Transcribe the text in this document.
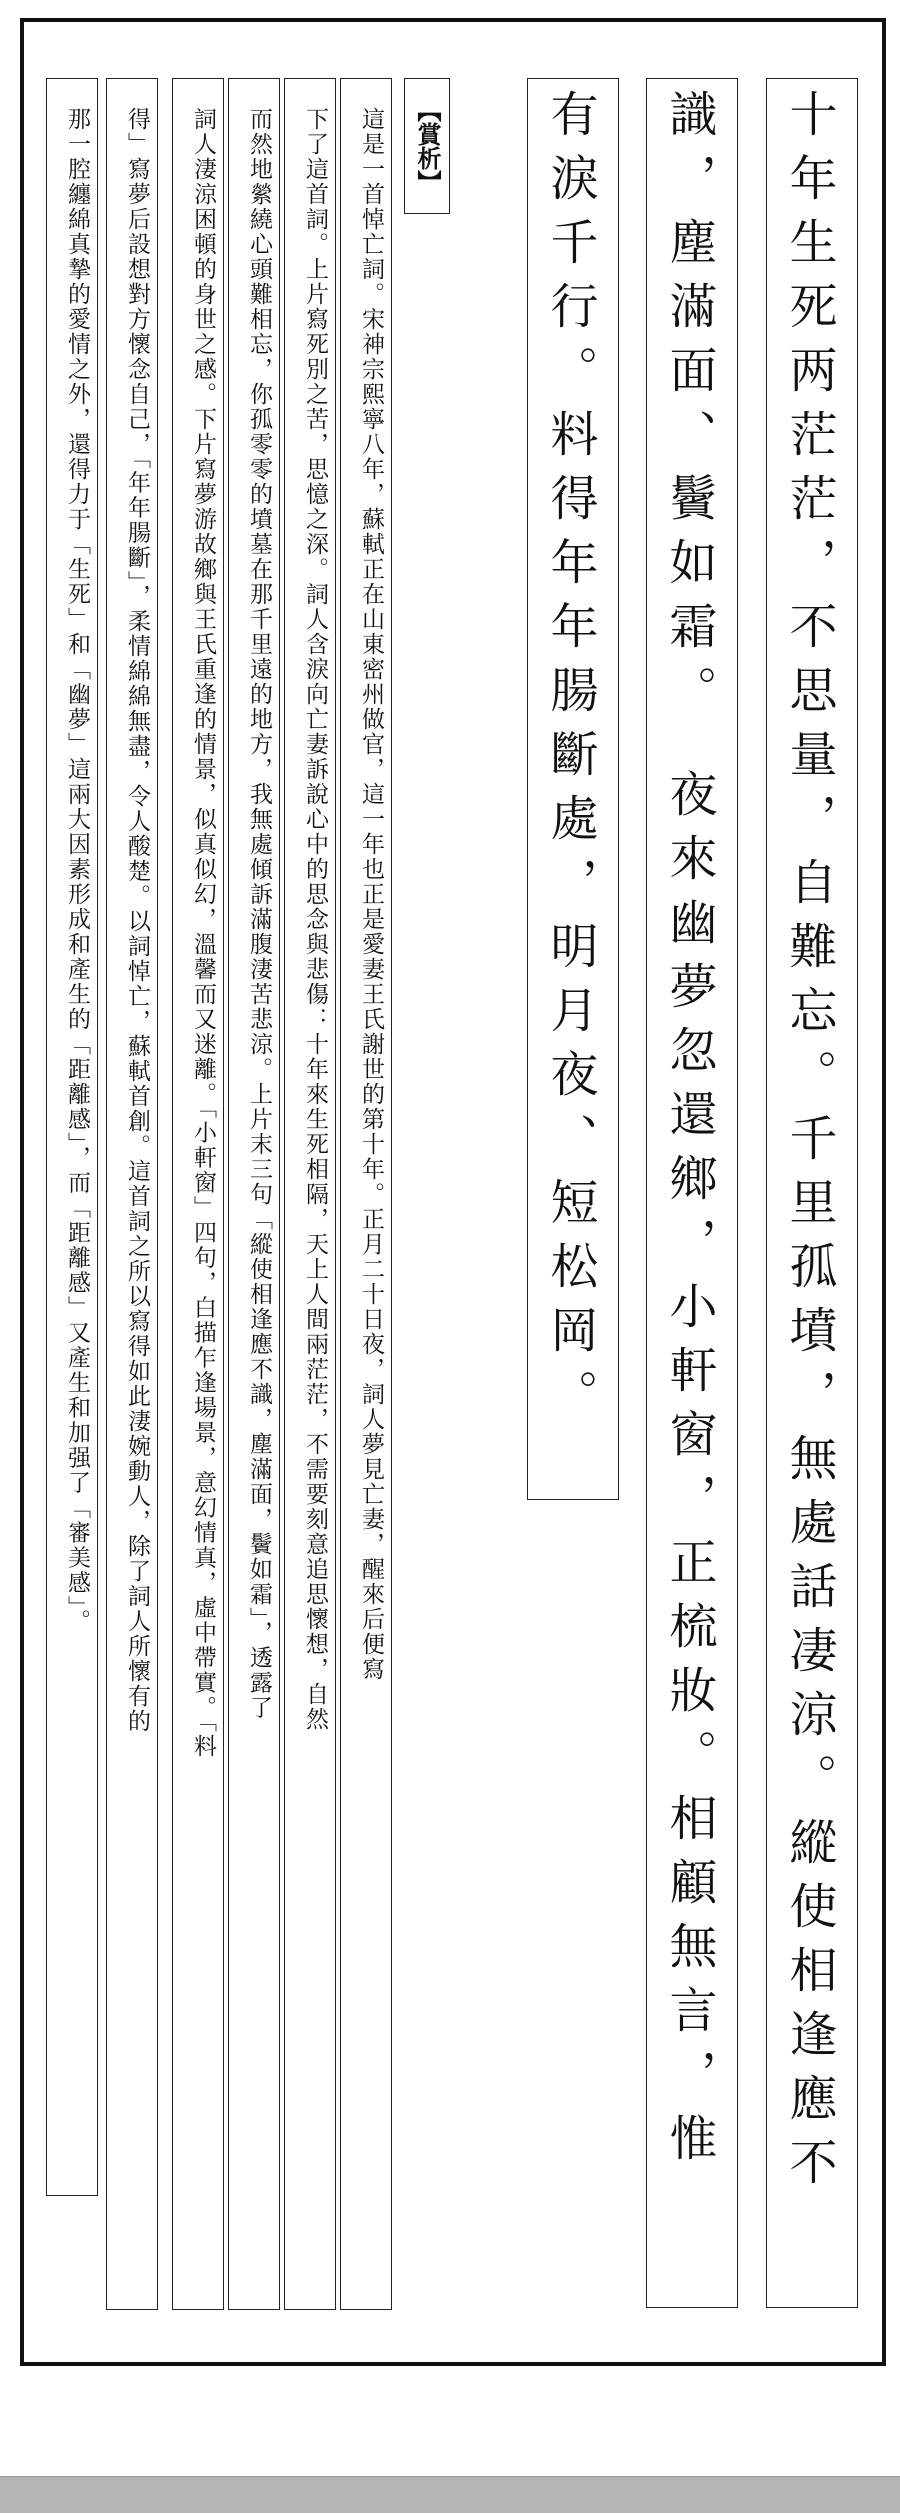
十年生死两茫茫，不思量，自難忘。千里孤墳，無處話凄涼。縱使相逢應不
識，塵滿面、鬢如霜。　夜來幽夢忽還鄉，小軒窗，正梳妝。相顧無言，惟
有淚千行。料得年年腸斷處，明月夜、短松岡。
【賞析】
這是一首悼亡詞。宋神宗熙寧八年，蘇軾正在山東密州做官，這一年也正是愛妻王氏謝世的第十年。正月二十日夜，詞人夢見亡妻，醒來后便寫
下了這首詞。上片寫死別之苦，思憶之深。詞人含淚向亡妻訴說心中的思念與悲傷：十年來生死相隔，天上人間兩茫茫，不需要刻意追思懷想，自然
而然地縈繞心頭難相忘，你孤零零的墳墓在那千里遠的地方，我無處傾訴滿腹淒苦悲涼。上片末三句「縱使相逢應不識，塵滿面，鬢如霜」，透露了
詞人淒涼困頓的身世之感。下片寫夢游故鄉與王氏重逢的情景，似真似幻，溫馨而又迷離。「小軒窗」四句，白描乍逢場景，意幻情真，虛中帶實。「料
得」寫夢后設想對方懷念自己，「年年腸斷」，柔情綿綿無盡，令人酸楚。以詞悼亡，蘇軾首創。這首詞之所以寫得如此淒婉動人，除了詞人所懷有的
那一腔纏綿真摯的愛情之外，還得力于「生死」和「幽夢」這兩大因素形成和產生的「距離感」，而「距離感」又產生和加强了「審美感」。
